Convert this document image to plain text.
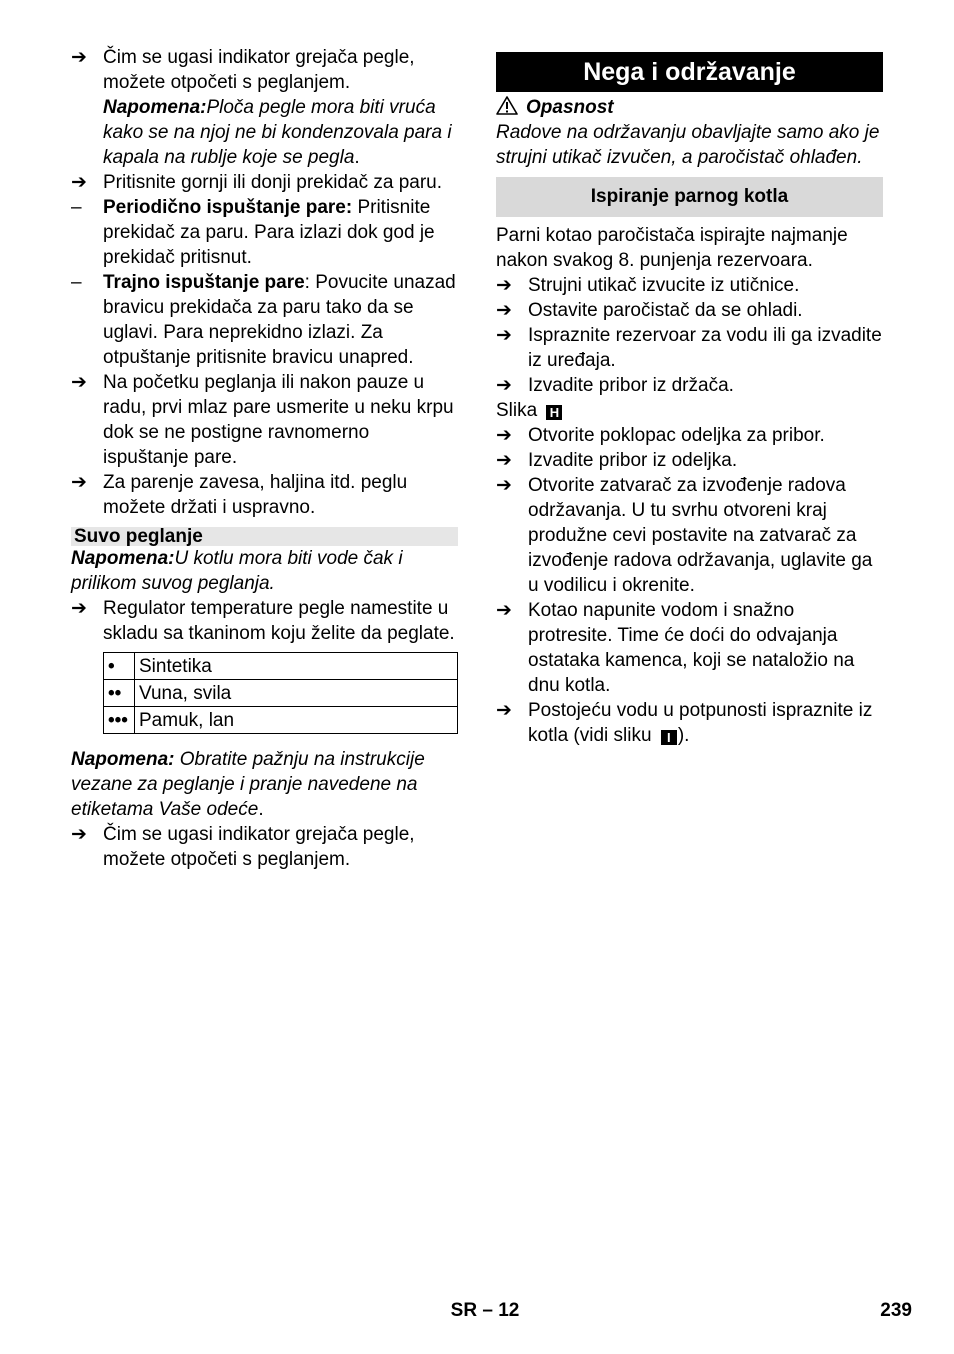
➔ Čim se ugasi indikator grejača pegle, možete otpočeti s peglanjem.

Napomena:Ploča pegle mora biti vruća kako se na njoj ne bi kondenzovala para i kapala na rublje koje se pegla.

➔ Pritisnite gornji ili donji prekidač za paru.

–	Periodično ispuštanje pare: Pritisnite prekidač za paru. Para izlazi dok god je prekidač pritisnut.

–	Trajno ispuštanje pare: Povucite unazad bravicu prekidača za paru tako da se uglavi. Para neprekidno izlazi. Za otpuštanje pritisnite bravicu unapred.

➔ Na početku peglanja ili nakon pauze u radu, prvi mlaz pare usmerite u neku krpu dok se ne postigne ravnomerno ispuštanje pare.

➔ Za parenje zavesa, haljina itd. peglu možete držati i uspravno.

Suvo peglanje

Napomena:U kotlu mora biti vode čak i prilikom suvog peglanja.

➔ Regulator temperature pegle namestite u skladu sa tkaninom koju želite da peglate.

•	Sintetika
••	Vuna, svila
•••	Pamuk, lan

Napomena: Obratite pažnju na instrukcije vezane za peglanje i pranje navedene na etiketama Vaše odeće.

➔ Čim se ugasi indikator grejača pegle, možete otpočeti s peglanjem.

Nega i održavanje

Opasnost

Radove na održavanju obavljajte samo ako je strujni utikač izvučen, a paročistač ohlađen.

Ispiranje parnog kotla

Parni kotao paročistača ispirajte najmanje nakon svakog 8. punjenja rezervoara.

➔ Strujni utikač izvucite iz utičnice.

➔ Ostavite paročistač da se ohladi.

➔ Ispraznite rezervoar za vodu ili ga izvadite iz uređaja.

➔ Izvadite pribor iz držača.

Slika H

➔ Otvorite poklopac odeljka za pribor.

➔ Izvadite pribor iz odeljka.

➔ Otvorite zatvarač za izvođenje radova održavanja. U tu svrhu otvoreni kraj produžne cevi postavite na zatvarač za izvođenje radova održavanja, uglavite ga u vodilicu i okrenite.

➔ Kotao napunite vodom i snažno protresite. Time će doći do odvajanja ostataka kamenca, koji se nataložio na dnu kotla.

➔ Postojeću vodu u potpunosti ispraznite iz kotla (vidi sliku I ).

SR – 12	239
